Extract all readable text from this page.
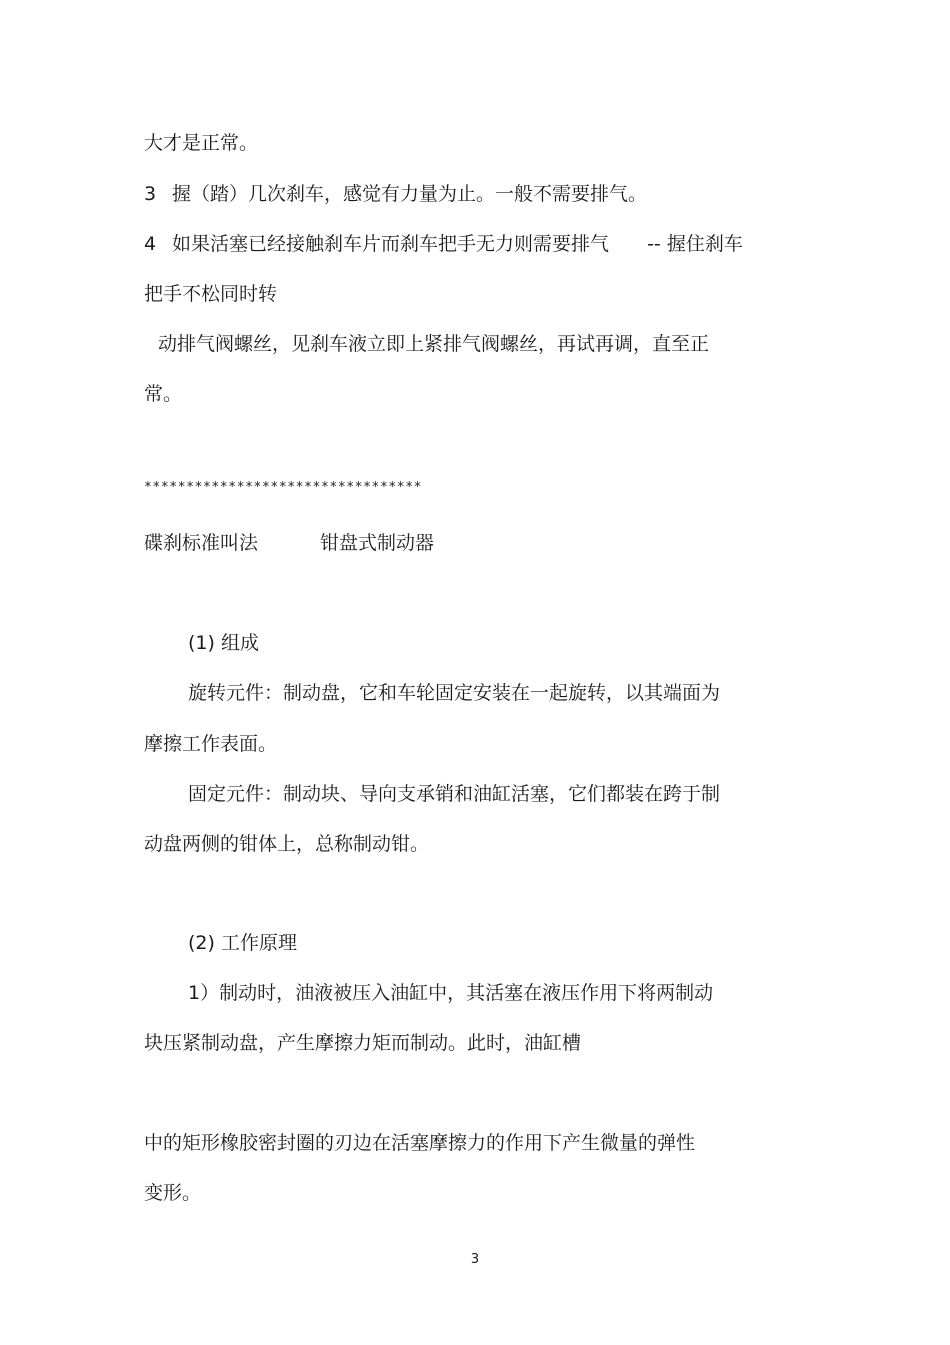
大才是正常。
3 握（踏）几次刹车，感觉有力量为止。一般不需要排气。
4 如果活塞已经接触刹车片而刹车把手无力则需要排气 -- 握住刹车
把手不松同时转
动排气阀螺丝，见刹车液立即上紧排气阀螺丝，再试再调，直至正
常。
*********************************
碟刹标准叫法	钳盘式制动器
(1) 组成
旋转元件：制动盘，它和车轮固定安装在一起旋转，以其端面为
摩擦工作表面。
固定元件：制动块、导向支承销和油缸活塞，它们都装在跨于制
动盘两侧的钳体上，总称制动钳。
(2) 工作原理
1）制动时，油液被压入油缸中，其活塞在液压作用下将两制动
块压紧制动盘，产生摩擦力矩而制动。此时，油缸槽
中的矩形橡胶密封圈的刃边在活塞摩擦力的作用下产生微量的弹性
变形。
3
